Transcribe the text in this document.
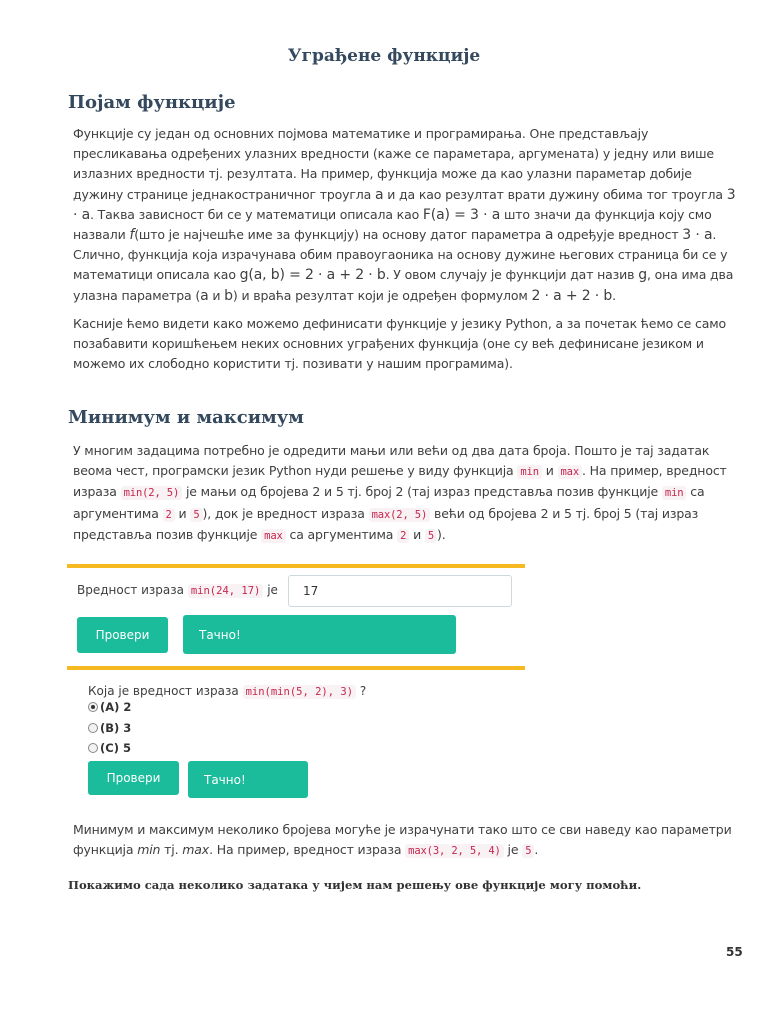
Уграђене функције
Појам функције
Функције су један од основних појмова математике и програмирања. Оне представљају пресликавања одређених улазних вредности (каже се параметара, аргумената) у једну или више излазних вредности тј. резултата. На пример, функција може да као улазни параметар добије дужину странице једнакостраничног троугла a и да као резултат врати дужину обима тог троугла 3 · a. Таква зависност би се у математици описала као F(a) = 3 · a што значи да функција коју смо назвали f(што је најчешће име за функцију) на основу датог параметра a одређује вредност 3 · a. Слично, функција која израчунава обим правоугаоника на основу дужине његових страница би се у математици описала као g(a, b) = 2 · a + 2 · b. У овом случају је функцији дат назив g, она има два улазна параметра (a и b) и враћа резултат који је одређен формулом 2 · a + 2 · b.
Касније ћемо видети како можемо дефинисати функције у језику Python, а за почетак ћемо се само позабавити коришћењем неких основних уграђених функција (оне су већ дефинисане језиком и можемо их слободно користити тј. позивати у нашим програмима).
Минимум и максимум
У многим задацима потребно је одредити мањи или већи од два дата броја. Пошто је тај задатак веома чест, програмски језик Python нуди решење у виду функција min и max . На пример, вредност израза min(2, 5) је мањи од бројева 2 и 5 тј. број 2 (тај израз представља позив функције min са аргументима 2 и 5 ), док је вредност израза max(2, 5) већи од бројева 2 и 5 тј. број 5 (тај израз представља позив функције max са аргументима 2 и 5 ).
Вредност израза min(24, 17) је
17
Провери	Тачно!
Која је вредност израза min(min(5, 2), 3) ?
(A) 2
(B) 3
(C) 5
Провери	Тачно!
Минимум и максимум неколико бројева могуће је израчунати тако што се сви наведу као параметри функција min тј. max. На пример, вредност израза max(3, 2, 5, 4) је 5 .
Покажимо сада неколико задатака у чијем нам решењу ове функције могу помоћи.
55
